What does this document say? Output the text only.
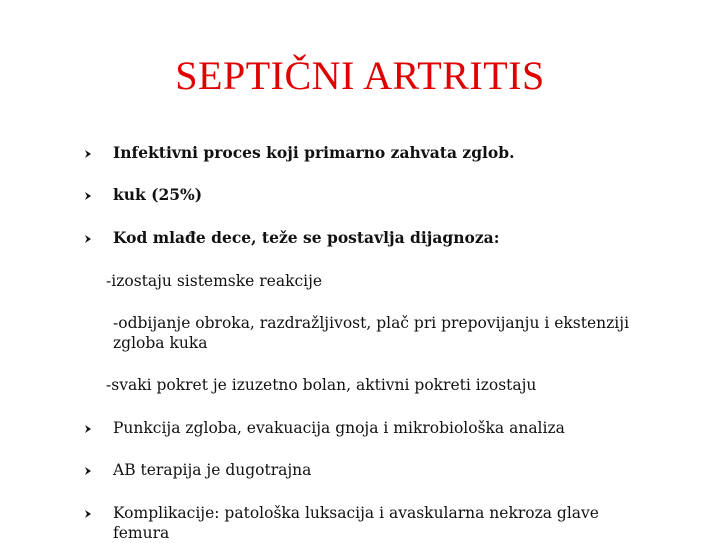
SEPTIČNI ARTRITIS
Infektivni proces koji primarno zahvata zglob.
kuk (25%)
Kod mlađe dece, teže se postavlja dijagnoza:
-izostaju sistemske reakcije
-odbijanje obroka, razdražljivost, plač pri prepovijanju i ekstenziji zgloba kuka
-svaki pokret je izuzetno bolan, aktivni pokreti izostaju
Punkcija zgloba, evakuacija gnoja i mikrobiološka analiza
AB terapija je dugotrajna
Komplikacije: patološka luksacija i avaskularna nekroza glave femura
